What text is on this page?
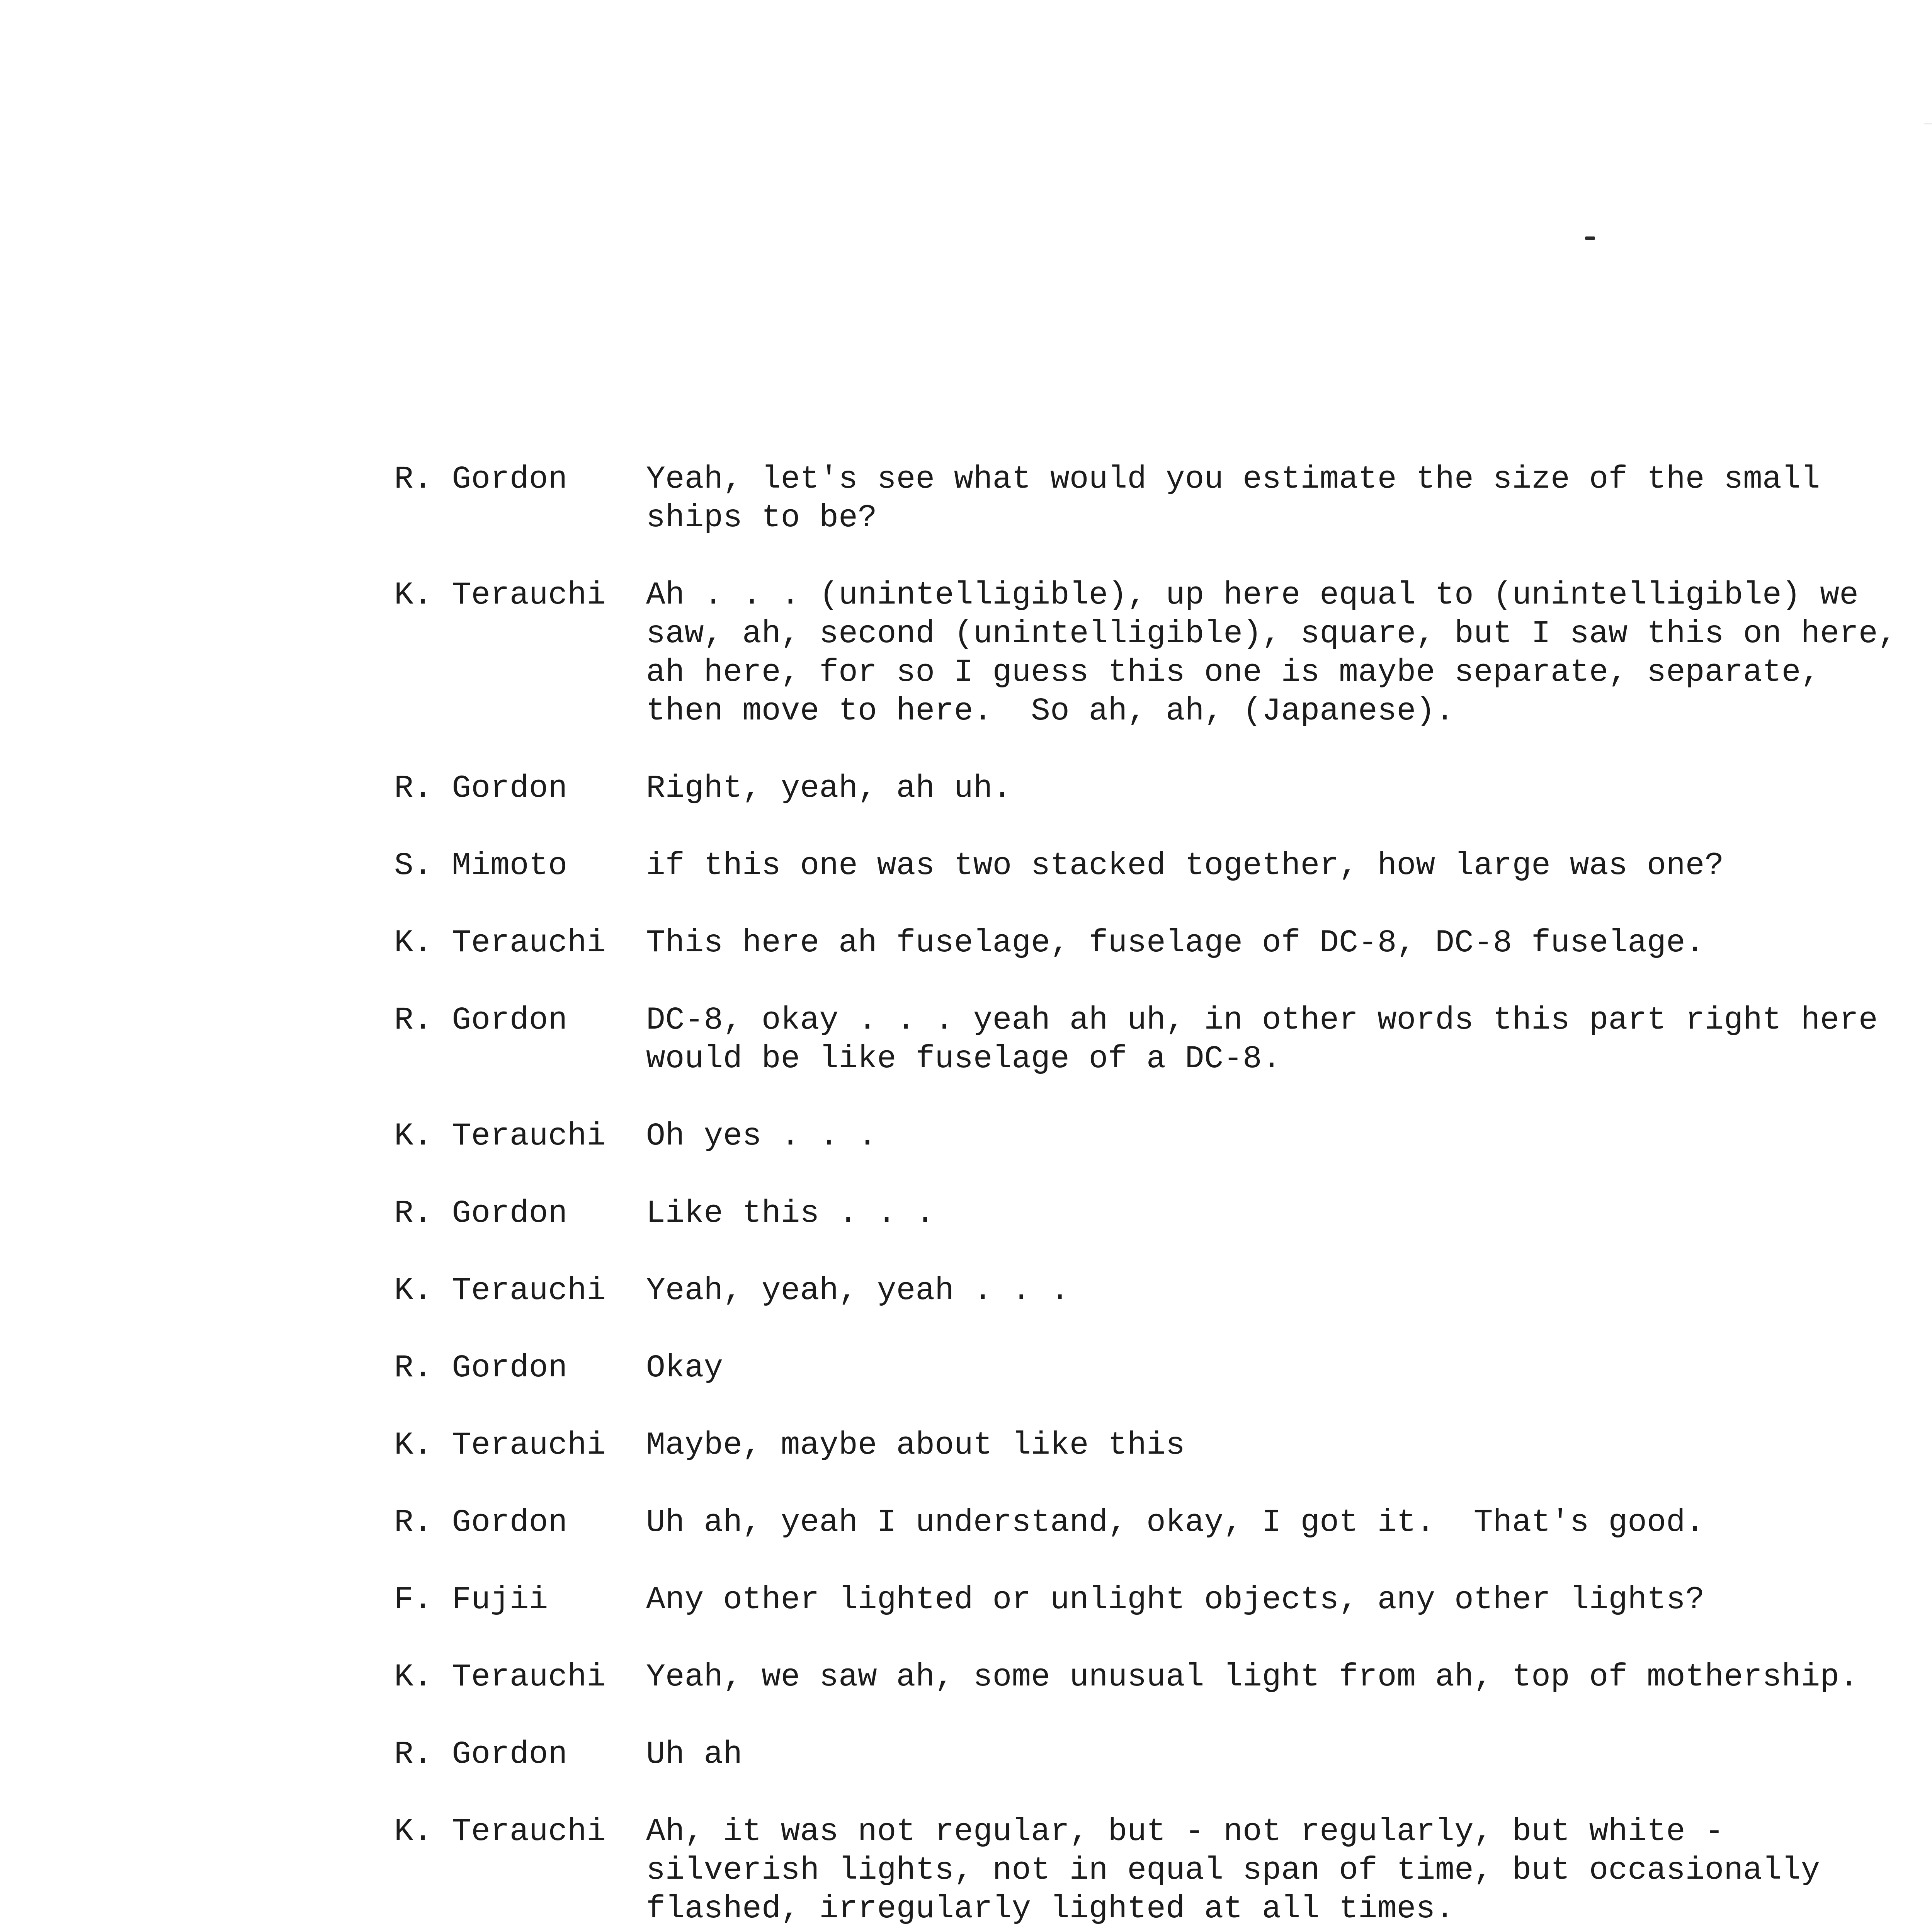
R. Gordon	Yeah, let's see what would you estimate the size of the small
ships to be?
K. Terauchi	Ah . . . (unintelligible), up here equal to (unintelligible) we
saw, ah, second (unintelligible), square, but I saw this on here,
ah here, for so I guess this one is maybe separate, separate,
then move to here.  So ah, ah, (Japanese).
R. Gordon	Right, yeah, ah uh.
S. Mimoto	if this one was two stacked together, how large was one?
K. Terauchi	This here ah fuselage, fuselage of DC-8, DC-8 fuselage.
R. Gordon	DC-8, okay . . . yeah ah uh, in other words this part right here
would be like fuselage of a DC-8.
K. Terauchi	Oh yes . . .
R. Gordon	Like this . . .
K. Terauchi	Yeah, yeah, yeah . . .
R. Gordon	Okay
K. Terauchi	Maybe, maybe about like this
R. Gordon	Uh ah, yeah I understand, okay, I got it.  That's good.
F. Fujii	Any other lighted or unlight objects, any other lights?
K. Terauchi	Yeah, we saw ah, some unusual light from ah, top of mothership.
R. Gordon	Uh ah
K. Terauchi	Ah, it was not regular, but - not regularly, but white -
silverish lights, not in equal span of time, but occasionally
flashed, irregularly lighted at all times.
